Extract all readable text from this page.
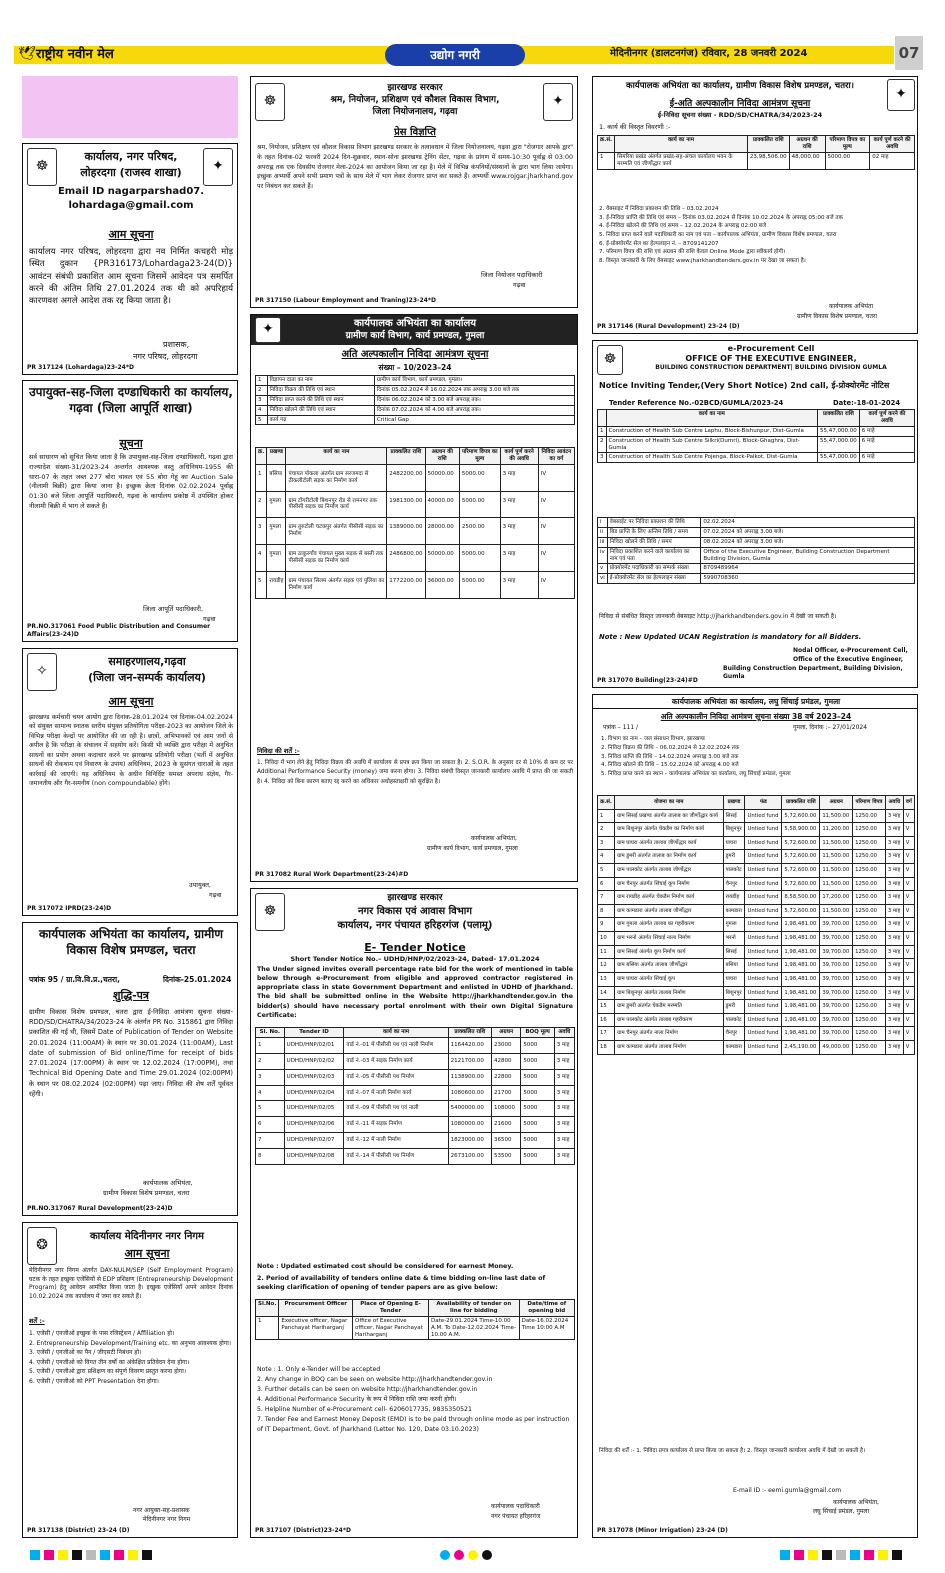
🕊 राष्ट्रीय नवीन मेल	उद्योग नगरी	मेदिनीनगर (डालटनगंज) रविवार, 28 जनवरी 2024	07
☸	✦
कार्यालय, नगर परिषद,
लोहरदगा (राजस्व शाखा)
Email ID nagarparshad07.
lohardaga@gmail.com
आम सूचना
कार्यालय नगर परिषद, लोहरदगा द्वारा नव निर्मित कचहरी मोड़ स्थित दुकान {PR316173/Lohardaga23-24(D)} आवंटन संबंधी प्रकाशित आम सूचना जिसमें आवेदन पत्र समर्पित करने की अंतिम तिथि 27.01.2024 तक थी को अपरिहार्य कारणवश अगले आदेश तक रद्द किया जाता है।
प्रशासक,
नगर परिषद, लोहरदगा
PR 317124 (Lohardaga)23-24*D
उपायुक्त-सह-जिला दण्डाधिकारी का कार्यालय, गढ़वा (जिला आपूर्ति शाखा)
सूचना
सर्व साधारण को सूचित किया जाता है कि उपायुक्त-सह-जिला दण्डाधिकारी, गढ़वा द्वारा राज्यादेश संख्या-31/2023-24 अन्तर्गत आवश्यक वस्तु अधिनियम-1955 की धारा-07 के तहत जब्त 277 बोरा चावल एवं 55 बोरा गेहूं का Auction Sale (नीलामी बिक्री) द्वारा किया जाना है। इच्छुक क्रेता दिनांक 02.02.2024 पूर्वाह्न 01:30 बजे जिला आपूर्ति पदाधिकारी, गढ़वा के कार्यालय प्रकोष्ठ में उपस्थित होकर नीलामी बिक्री में भाग ले सकते हैं।
जिला आपूर्ति पदाधिकारी,
गढ़वा
PR.NO.317061 Food Public Distribution and Consumer Affairs(23-24)D
✧
समाहरणालय,गढ़वा
(जिला जन-सम्पर्क कार्यालय)
आम सूचना
झारखण्ड कर्मचारी चयन आयोग द्वारा दिनांक-28.01.2024 एवं दिनांक-04.02.2024 को संयुक्त सामान्य स्नातक स्तरीय संयुक्त प्रतियोगिता परीक्षा-2023 का आयोजन जिले के विभिन्न परीक्षा केन्द्रों पर आयोजित की जा रही है। छात्रों, अभिभावकों एवं आम जनों से अपील है कि परीक्षा के संचालन में सहयोग करें। किसी भी व्यक्ति द्वारा परीक्षा में अनुचित साधनों का प्रयोग अथवा कदाचार करने पर झारखण्ड प्रतियोगी परीक्षा (भर्ती में अनुचित साधनों की रोकथाम एवं निवारण के उपाय) अधिनियम, 2023 के सुसंगत धाराओं के तहत कार्रवाई की जाएगी। यह अधिनियम के अधीन विनिर्दिष्ट समस्त अपराध संज्ञेय, गैर-जमानतीय और गैर-समनीय (non compoundable) होंगे।
उपायुक्त,
गढ़वा
PR 317072 IPRD(23-24)D
कार्यपालक अभियंता का कार्यालय, ग्रामीण विकास विशेष प्रमण्डल, चतरा
पत्रांक 95 / ग्रा.वि.वि.प्र.,चतरा,	दिनांक-25.01.2024
शुद्धि-पत्र
ग्रामीण विकास विशेष प्रमण्डल, चतरा द्वारा ई-निविदा आमंत्रण सूचना संख्या-RDD/SD/CHATRA/34/2023-24 के अंतर्गत PR No. 315861 द्वारा निविदा प्रकाशित की गई थी, जिसमें Date of Publication of Tender on Website 20.01.2024 (11:00AM) के स्थान पर 30.01.2024 (11:00AM), Last date of submission of Bid online/Time for receipt of bids 27.01.2024 (17:00PM) के स्थान पर 12.02.2024 (17:00PM), तथा Technical Bid Opening Date and Time 29.01.2024 (02:00PM) के स्थान पर 08.02.2024 (02:00PM) पढ़ा जाए। निविदा की शेष शर्तें पूर्ववत रहेंगी।
कार्यपालक अभियंता,
ग्रामीण विकास विशेष प्रमण्डल, चतरा
PR.NO.317067 Rural Development(23-24)D
❂
कार्यालय मेदिनीनगर नगर निगम
आम सूचना
मेदिनीनगर नगर निगम अंतर्गत DAY-NULM/SEP (Self Employment Program) घटक के तहत इच्छुक एजेंसियों से EDP प्रशिक्षण (Entrepreneurship Development Program) हेतु आवेदन आमंत्रित किया जाता है। इच्छुक एजेंसियाँ अपने आवेदन दिनांक 10.02.2024 तक कार्यालय में जमा कर सकते हैं।
शर्तें :-
1. एजेंसी / एनजीओ इच्छुक के पास रजिस्ट्रेशन / Affiliation हो।
2. Entrepreneurship Development/Training etc. का अनुभव आवश्यक होगा।
3. एजेंसी / एनजीओ का पैन / जीएसटी निबंधन हो।
4. एजेंसी / एनजीओ को विगत तीन वर्षों का अंकेक्षित प्रतिवेदन देना होगा।
5. एजेंसी / एनजीओ द्वारा प्रशिक्षण का संपूर्ण विवरण प्रस्तुत करना होगा।
6. एजेंसी / एनजीओ को PPT Presentation देना होगा।
नगर आयुक्त-सह-प्रशासक
मेदिनीनगर नगर निगम
PR 317138 (District) 23-24 (D)
☸	✦
झारखण्ड सरकार
श्रम, नियोजन, प्रशिक्षण एवं कौशल विकास विभाग,
जिला नियोजनालय, गढ़वा
प्रेस विज्ञप्ति
श्रम, नियोजन, प्रशिक्षण एवं कौशल विकास विभाग झारखण्ड सरकार के तत्वावधान में जिला नियोजनालय, गढ़वा द्वारा "रोजगार आपके द्वार" के तहत दिनांक-02 फरवरी 2024 दिन-शुक्रवार, स्थान-सोना झारखण्ड ट्रेनिंग सेंटर, गढ़वा के प्रांगण में समय-10:30 पूर्वाह्न से 03:00 अपराह्न तक एक दिवसीय रोजगार मेला-2024 का आयोजन किया जा रहा है। मेले में विभिन्न कंपनियों/संस्थानों के द्वारा भाग लिया जायेगा। इच्छुक अभ्यर्थी अपने सभी प्रमाण पत्रों के साथ मेले में भाग लेकर रोजगार प्राप्त कर सकते हैं। अभ्यर्थी www.rojgar.jharkhand.gov पर निबंधन कर सकते हैं।
जिला नियोजन पदाधिकारी
गढ़वा
PR 317150 (Labour Employment and Traning)23-24*D
कार्यपालक अभियंता का कार्यालय
ग्रामीण कार्य विभाग, कार्य प्रमण्डल, गुमला
✦
अति अल्पकालीन निविदा आमंत्रण सूचना
संख्या – 10/2023–24
1	विज्ञापन दाता का नाम	ग्रामीण कार्य विभाग, कार्य प्रमण्डल, गुमला।
2	निविदा विक्रय की तिथि एवं स्थान	दिनांक 05.02.2024 से 16.02.2024 तक अपराह्न 3.00 बजे तक
3	निविदा प्राप्त करने की तिथि एवं स्थान	दिनांक 06.02.2024 को 3.00 बजे अपराह्न तक।
4	निविदा खोलने की तिथि एवं स्थान	दिनांक 07.02.2024 को 4.00 बजे अपराह्न तक।
5	कार्य गढ़	Critical Gap
क्र.	प्रखण्ड	कार्य का नाम	प्राक्कलित राशि	अग्रधन की राशि	परिमाण विपत्र का मूल्य	कार्य पूर्ण करने की अवधि	निविदा आवंटन का वर्ग
1	बसिया	पंचायत पोकला अंतर्गत ग्राम सरजमदा से ठीकलीटोली सड़क का निर्माण कार्य	2482200.00	50000.00	5000.00	3 माह	IV
2	गुमला	ग्राम टोंगरीटोली बिशनपुर रोड से रामनगर तक पीसीसी सड़क का निर्माण कार्य	1981300.00	40000.00	5000.00	3 माह	IV
3	गुमला	ग्राम तुरुटोली चटकपुर अंतर्गत पीसीसी सड़क का निर्माण	1389000.00	28000.00	2500.00	3 माह	IV
4	गुमला	ग्राम ठाकुरगाँव पंचायत मुख्य सड़क से बस्ती तक पीसीसी सड़क का निर्माण कार्य	2486800.00	50000.00	5000.00	3 माह	IV
5	रायडीह	ग्राम पंचायत सिलम अंतर्गत सड़क एवं पुलिया का निर्माण कार्य	1772200.00	36000.00	5000.00	3 माह	IV
निविदा की शर्तें :-
1. निविदा में भाग लेने हेतु निविदा विक्रय की अवधि में कार्यालय से प्रपत्र क्रय किया जा सकता है। 2. S.O.R. के अनुसार दर से 10% से कम दर पर Additional Performance Security (money) जमा करना होगा। 3. निविदा संबंधी विस्तृत जानकारी कार्यालय अवधि में प्राप्त की जा सकती है। 4. निविदा को बिना कारण बताए रद्द करने का अधिकार अधोहस्ताक्षरी को सुरक्षित है।
कार्यपालक अभियंता,
ग्रामीण कार्य विभाग, कार्य प्रमण्डल, गुमला
PR 317082 Rural Work Department(23-24)#D
☸
झारखण्ड सरकार
नगर विकास एवं आवास विभाग
कार्यालय, नगर पंचायत हरिहरगंज (पलामू)
E- Tender Notice
Short Tender Notice No.– UDHD/HNP/02/2023-24, Dated- 17.01.2024
The Under signed invites overall percentage rate bid for the work of mentioned in table below through e-Procurement from eligible and approved contractor registered in appropriate class in state Government Department and enlisted in UDHD of Jharkhand. The bid shall be submitted online in the Website http://jharkhandtender.gov.in the bidder(s) should have necessary portal enrolment with their own Digital Signature Certificate:
Sl. No.	Tender ID	कार्य का नाम	प्राक्कलित राशि	अग्रधन	BOQ मूल्य	अवधि
1	UDHD/HNP/02/01	वार्ड नं.-01 में पीसीसी पथ एवं नाली निर्माण	1164420.00	23000	5000	3 माह
2	UDHD/HNP/02/02	वार्ड नं.-03 में सड़क निर्माण कार्य	2121700.00	42800	5000	3 माह
3	UDHD/HNP/02/03	वार्ड नं.-05 में पीसीसी पथ निर्माण	1138900.00	22800	5000	3 माह
4	UDHD/HNP/02/04	वार्ड नं.-07 में नाली निर्माण कार्य	1080600.00	21700	5000	3 माह
5	UDHD/HNP/02/05	वार्ड नं.-09 में पीसीसी पथ एवं नाली	5400000.00	108000	5000	3 माह
6	UDHD/HNP/02/06	वार्ड नं.-11 में सड़क निर्माण	1080000.00	21600	5000	3 माह
7	UDHD/HNP/02/07	वार्ड नं.-12 में नाली निर्माण	1823000.00	36500	5000	3 माह
8	UDHD/HNP/02/08	वार्ड नं.-14 में पीसीसी पथ निर्माण	2673100.00	53500	5000	3 माह
Note : Updated estimated cost should be considered for earnest Money.
2. Period of availability of tenders online date & time bidding on-line last date of seeking clarification of opening of tender papers are as give below:
Sl.No.	Procurement Officer	Place of Opening E-Tender	Availability of tender on line for bidding	Date/time of opening bid
1	Executive officer, Nagar Panchayat Hariharganj	Office of Executive officer, Nagar Panchayat Hariharganj	Date-29.01.2024 Time-10.00 A.M. To Date-12.02.2024 Time-10.00 A.M.	Date-16.02.2024 Time 10:00 A.M
Note : 1. Only e-Tender will be accepted
2. Any change in BOQ can be seen on website http://jharkhandtender.gov.in
3. Further details can be seen on website http://jharkhandtender.gov.in
4. Additional Performance Security के रूप में निविदा राशि जमा करनी होगी।
5. Helpline Number of e-Procurement cell- 6206017735, 9835350521
7. Tender Fee and Earnest Money Deposit (EMD) is to be paid through online mode as per instruction of IT Department, Govt. of Jharkhand (Letter No. 120, Date 03.10.2023)
कार्यपालक पदाधिकारी
नगर पंचायत हरिहरगंज
PR 317107 (District)23-24*D
कार्यपालक अभियंता का कार्यालय, ग्रामीण विकास विशेष प्रमण्डल, चतरा।
✦
ई-अति अल्पकालीन निविदा आमंत्रण सूचना
ई-निविदा सूचना संख्या - RDD/SD/CHATRA/34/2023-24
1. कार्य की विस्तृत विवरणी :-
क्र.सं.	कार्य का नाम	प्राक्कलित राशि	अग्रधन की राशि	परिमाण विपत्र का मूल्य	कार्य पूर्ण करने की अवधि
1	सिमरिया प्रखंड अंतर्गत प्रखंड-सह-अंचल कार्यालय भवन के मरम्मति एवं जीर्णोद्धार कार्य	23,98,506.00	48,000.00	5000.00	02 माह
2. वेबसाइट में निविदा प्रकाशन की तिथि – 03.02.2024
3. ई-निविदा प्राप्ति की तिथि एवं समय – दिनांक 03.02.2024 से दिनांक 10.02.2024 के अपराह्न 05:00 बजे तक
4. ई-निविदा खोलने की तिथि एवं समय – 12.02.2024 के अपराह्न 02:00 बजे
5. निविदा प्राप्त करने वाले पदाधिकारी का नाम एवं पता – कार्यपालक अभियंता, ग्रामीण विकास विशेष प्रमण्डल, चतरा
6. ई-प्रोक्योरमेंट सेल का हेल्पलाइन नं. – 8709141207
7. परिमाण विपत्र की राशि एवं अग्रधन की राशि केवल Online Mode द्वारा स्वीकार्य होगी।
8. विस्तृत जानकारी के लिए वेबसाइट www.jharkhandtenders.gov.in पर देखा जा सकता है।
कार्यपालक अभियंता
ग्रामीण विकास विशेष प्रमण्डल, चतरा
PR 317146 (Rural Development) 23-24 (D)
☸
e-Procurement Cell
OFFICE OF THE EXECUTIVE ENGINEER,
BUILDING CONSTRUCTION DEPARTMENT| BUILDING DIVISION GUMLA
Notice Inviting Tender,(Very Short Notice) 2nd call, ई-प्रोक्योरमेंट नोटिस
Tender Reference No.-02BCD/GUMLA/2023-24	Date:-18-01-2024
	कार्य का नाम	प्राक्कलित राशि	कार्य पूर्ण करने की अवधि
1	Construction of Health Sub Centre Laphu, Block-Bishunpur, Dist-Gumla	55,47,000.00	6 माहे
2	Construction of Health Sub Centre Silkri(Dumri), Block-Ghaghra, Dist-Gumla	55,47,000.00	6 माहे
3	Construction of Health Sub Centre Pojenga, Block-Palkot, Dist-Gumla	55,47,000.00	6 माहे
i	वेबसाईट पर निविदा प्रकाशन की तिथि	02.02.2024
ii	बिड प्राप्ति के लिए अन्तिम तिथि / समय	07.02.2024 को अपराह्न 3.00 बजे।
iii	निविदा खोलने की तिथि / समय	08.02.2024 को अपराह्न 3.00 बजे।
iv	निविदा प्रकाशित करने वाले कार्यालय का नाम एवं पता	Office of the Executive Engineer, Building Construction Department Building Division, Gumla
v	प्रोक्योरमेंट पदाधिकारी का सम्पर्क संख्या	8709489964
vi	ई-प्रोक्योरमेंट सेल का हेल्पलाइन संख्या	5990708360
निविदा से संबंधित विस्तृत जानकारी वेबसाइट http://jharkhandtenders.gov.in में देखी जा सकती है।
Note : New Updated UCAN Registration is mandatory for all Bidders.
Nodal Officer, e-Procurement Cell,
Office of the Executive Engineer,
Building Construction Department, Building Division, Gumla
PR 317070 Building(23-24)#D
कार्यपालक अभियंता का कार्यालय, लघु सिंचाई प्रमंडल, गुमला
अति अल्पकालीन निविदा आमंत्रण सूचना संख्या 38 वर्ष 2023–24
पत्रांक – 111 /	गुमला, दिनांक :– 27/01/2024
1. विभाग का नाम – जल संसाधन विभाग, झारखण्ड
2. निविदा विक्रय की तिथि – 06.02.2024 से 12.02.2024 तक
3. निविदा प्राप्ति की तिथि – 14.02.2024 अपराह्न 3.00 बजे तक
4. निविदा खोलने की तिथि – 15.02.2024 को अपराह्न 4.00 बजे
5. निविदा प्राप्त करने का स्थान – कार्यपालक अभियंता का कार्यालय, लघु सिंचाई प्रमंडल, गुमला
क्र.सं.	योजना का नाम	प्रखण्ड	फंड	प्राक्कलित राशि	अग्रधन	परिमाण विपत्र	अवधि	वर्ग
1	ग्राम सिसई प्रखण्ड अंतर्गत तालाब का जीर्णोद्धार कार्य	सिसई	Untied fund	5,72,600.00	11,500.00	1250.00	3 माह	V
2	ग्राम बिशुनपुर अंतर्गत चेकडैम का निर्माण कार्य	बिशुनपुर	Untied fund	5,58,900.00	11,200.00	1250.00	3 माह	V
3	ग्राम घाघरा अंतर्गत तालाब जीर्णोद्धार कार्य	घाघरा	Untied fund	5,72,600.00	11,500.00	1250.00	3 माह	V
4	ग्राम डुमरी अंतर्गत तालाब का निर्माण कार्य	डुमरी	Untied fund	5,72,600.00	11,500.00	1250.00	3 माह	V
5	ग्राम पालकोट अंतर्गत तालाब जीर्णोद्धार	पालकोट	Untied fund	5,72,600.00	11,500.00	1250.00	3 माह	V
6	ग्राम चैनपुर अंतर्गत सिंचाई कूप निर्माण	चैनपुर	Untied fund	5,72,600.00	11,500.00	1250.00	3 माह	V
7	ग्राम रायडीह अंतर्गत चेकडैम निर्माण कार्य	रायडीह	Untied fund	8,58,500.00	17,200.00	1250.00	3 माह	V
8	ग्राम कामडारा अंतर्गत तालाब जीर्णोद्धार	कामडारा	Untied fund	5,72,600.00	11,500.00	1250.00	3 माह	V
9	ग्राम गुमला अंतर्गत तालाब का गहरीकरण	गुमला	Untied fund	1,98,481.00	39,700.00	1250.00	3 माह	V
10	ग्राम भरनो अंतर्गत सिंचाई नाला निर्माण	भरनो	Untied fund	1,98,481.00	39,700.00	1250.00	3 माह	V
11	ग्राम सिसई अंतर्गत कूप निर्माण कार्य	सिसई	Untied fund	1,98,481.00	39,700.00	1250.00	3 माह	V
12	ग्राम बसिया अंतर्गत तालाब जीर्णोद्धार	बसिया	Untied fund	1,98,481.00	39,700.00	1250.00	3 माह	V
13	ग्राम घाघरा अंतर्गत सिंचाई कूप	घाघरा	Untied fund	1,98,481.00	39,700.00	1250.00	3 माह	V
14	ग्राम बिशुनपुर अंतर्गत तालाब निर्माण	बिशुनपुर	Untied fund	1,98,481.00	39,700.00	1250.00	3 माह	V
15	ग्राम डुमरी अंतर्गत चेकडैम मरम्मति	डुमरी	Untied fund	1,98,481.00	39,700.00	1250.00	3 माह	V
16	ग्राम पालकोट अंतर्गत तालाब गहरीकरण	पालकोट	Untied fund	1,98,481.00	39,700.00	1250.00	3 माह	V
17	ग्राम चैनपुर अंतर्गत नाला निर्माण	चैनपुर	Untied fund	1,98,481.00	39,700.00	1250.00	3 माह	V
18	ग्राम कामडारा अंतर्गत तालाब निर्माण	कामडारा	Untied fund	2,45,190.00	49,000.00	1250.00	3 माह	V
निविदा की शर्तें :- 1. निविदा प्रपत्र कार्यालय से प्राप्त किया जा सकता है। 2. विस्तृत जानकारी कार्यालय अवधि में देखी जा सकती है।
E-mail ID :- eemi.gumla@gmail.com
कार्यपालक अभियंता,
लघु सिंचाई प्रमंडल, गुमला
PR 317078 (Minor Irrigation) 23-24 (D)
